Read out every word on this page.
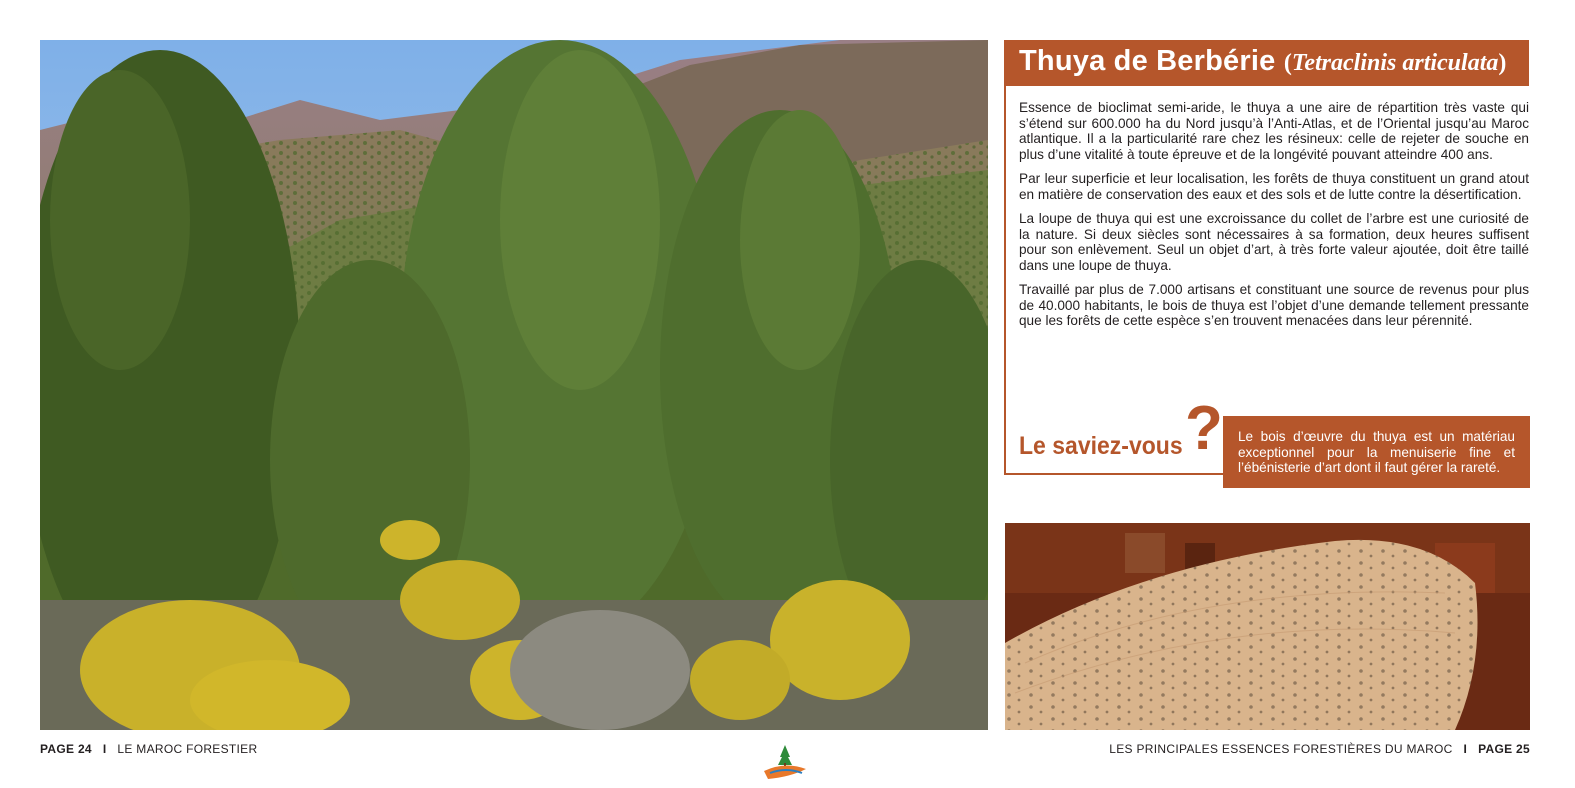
Thuya de Berbérie (Tetraclinis articulata)

Essence de bioclimat semi-aride, le thuya a une aire de répartition très vaste qui s’étend sur 600.000 ha du Nord jusqu’à l’Anti-Atlas, et de l’Oriental jusqu’au Maroc atlantique. Il a la particularité rare chez les résineux: celle de rejeter de souche en plus d’une vitalité à toute épreuve et de la longévité pouvant atteindre 400 ans.

Par leur superficie et leur localisation, les forêts de thuya constituent un grand atout en matière de conservation des eaux et des sols et de lutte contre la désertification.

La loupe de thuya qui est une excroissance du collet de l’arbre est une curiosité de la nature. Si deux siècles sont nécessaires à sa formation, deux heures suffisent pour son enlèvement. Seul un objet d’art, à très forte valeur ajoutée, doit être taillé dans une loupe de thuya.

Travaillé par plus de 7.000 artisans et constituant une source de revenus pour plus de 40.000 habitants, le bois de thuya est l’objet d’une demande tellement pressante que les forêts de cette espèce s’en trouvent menacées dans leur pérennité.

Le saviez-vous ?	Le bois d’œuvre du thuya est un matériau exceptionnel pour la menuiserie fine et l’ébénisterie d’art dont il faut gérer la rareté.
PAGE 24 I LE MAROC FORESTIER	LES PRINCIPALES ESSENCES FORESTIÈRES DU MAROC I PAGE 25
